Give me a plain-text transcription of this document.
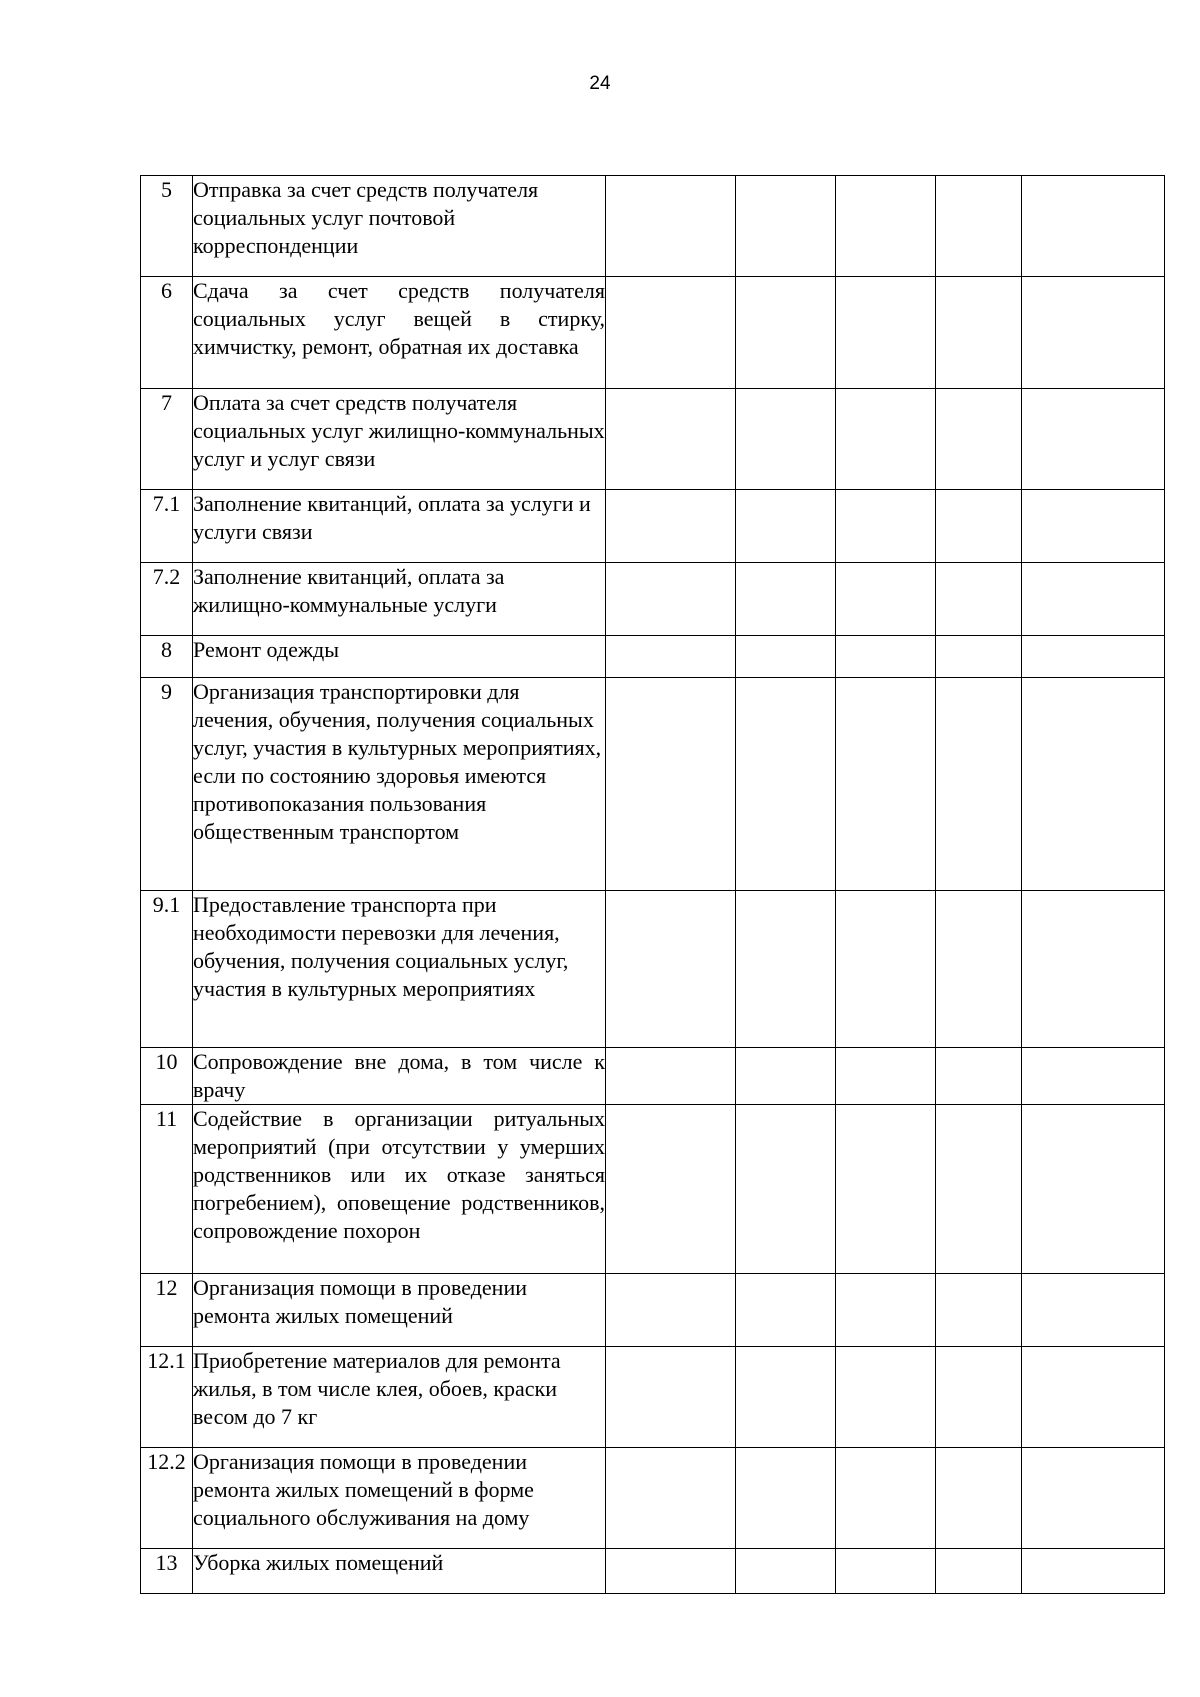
24
5	Отправка за счет средств получателя социальных услуг почтовой корреспонденции					
6	Сдача за счет средств получателя социальных услуг вещей в стирку, химчистку, ремонт, обратная их доставка					
7	Оплата за счет средств получателя социальных услуг жилищно-коммунальных услуг и услуг связи					
7.1	Заполнение квитанций, оплата за услуги и услуги связи					
7.2	Заполнение квитанций, оплата за жилищно-коммунальные услуги					
8	Ремонт одежды					
9	Организация транспортировки для лечения, обучения, получения социальных услуг, участия в культурных мероприятиях, если по состоянию здоровья имеются противопоказания пользования общественным транспортом					
9.1	Предоставление транспорта при необходимости перевозки для лечения, обучения, получения социальных услуг, участия в культурных мероприятиях					
10	Сопровождение вне дома, в том числе к врачу					
11	Содействие в организации ритуальных мероприятий (при отсутствии у умерших родственников или их отказе заняться погребением), оповещение родственников, сопровождение похорон					
12	Организация помощи в проведении ремонта жилых помещений					
12.1	Приобретение материалов для ремонта жилья, в том числе клея, обоев, краски весом до 7 кг					
12.2	Организация помощи в проведении ремонта жилых помещений в форме социального обслуживания на дому					
13	Уборка жилых помещений					
